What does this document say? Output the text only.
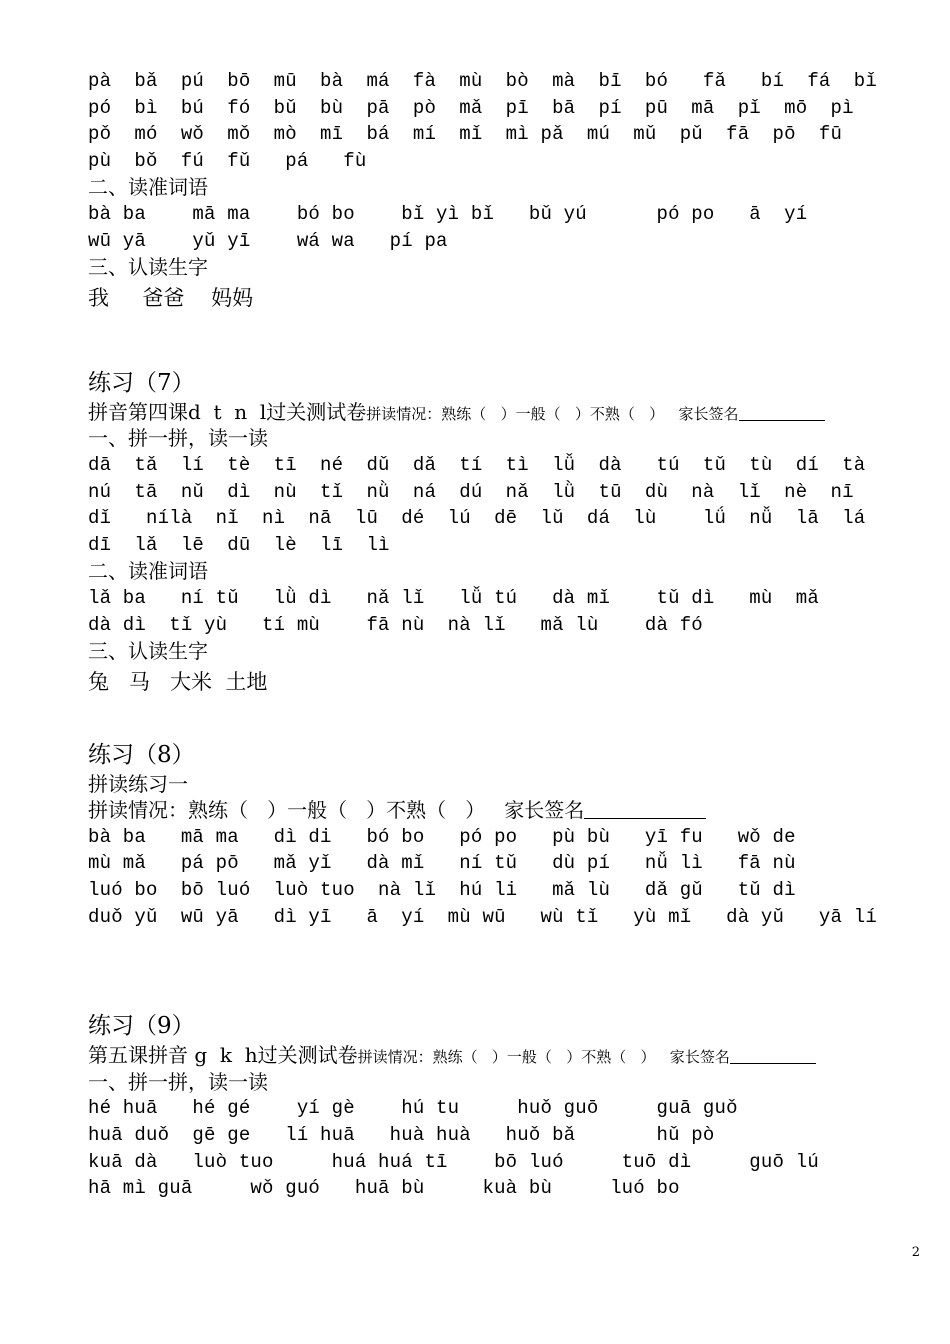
pà  bǎ  pú  bō  mū  bà  má  fà  mù  bò  mà  bī  bó   fǎ   bí  fá  bǐ
pó  bì  bú  fó  bǔ  bù  pā  pò  mǎ  pī  bā  pí  pū  mā  pǐ  mō  pì
pǒ  mó  wǒ  mǒ  mò  mī  bá  mí  mǐ  mì pǎ  mú  mǔ  pǔ  fā  pō  fū
pù  bǒ  fú  fǔ   pá   fù
二、读准词语
bà ba    mā ma    bó bo    bǐ yì bǐ   bǔ yú      pó po   ā  yí
wū yā    yǔ yī    wá wa   pí pa
三、认读生字
我     爸爸    妈妈
练习（7）
拼音第四课d  t  n  l过关测试卷拼读情况：熟练（   ）一般（   ）不熟（   ）   家长签名
一、拼一拼，读一读
dā  tǎ  lí  tè  tī  né  dǔ  dǎ  tí  tì  lǚ  dà   tú  tǔ  tù  dí  tà
nú  tā  nǔ  dì  nù  tǐ  nǜ  ná  dú  nǎ  lǜ  tū  dù  nà  lǐ  nè  nī
dǐ   nílà  nǐ  nì  nā  lū  dé  lú  dē  lǔ  dá  lù    lǘ  nǚ  lā  lá
dī  lǎ  lē  dū  lè  lī  lì
二、读准词语
lǎ ba   ní tǔ   lǜ dì   nǎ lǐ   lǚ tú   dà mǐ    tǔ dì   mù  mǎ
dà dì  tǐ yù   tí mù    fā nù  nà lǐ   mǎ lù    dà fó
三、认读生字
兔   马   大米  土地
练习（8）
拼读练习一
拼读情况：熟练（   ）一般（   ）不熟（   ）   家长签名
bà ba   mā ma   dì di   bó bo   pó po   pù bù   yī fu   wǒ de
mù mǎ   pá pō   mǎ yǐ   dà mǐ   ní tǔ   dù pí   nǚ lì   fā nù
luó bo  bō luó  luò tuo  nà lǐ  hú li   mǎ lù   dǎ gǔ   tǔ dì
duǒ yǔ  wū yā   dì yī   ā  yí  mù wū   wù tǐ   yù mǐ   dà yǔ   yā lí
练习（9）
第五课拼音 g  k  h过关测试卷拼读情况：熟练（   ）一般（   ）不熟（   ）   家长签名
一、拼一拼，读一读
hé huā   hé gé    yí gè    hú tu     huǒ guō     guā guǒ
huā duǒ  gē ge   lí huā   huà huà   huǒ bǎ       hǔ pò
kuā dà   luò tuo     huá huá tī    bō luó     tuō dì     guō lú
hā mì guā     wǒ guó   huā bù     kuà bù     luó bo
2
